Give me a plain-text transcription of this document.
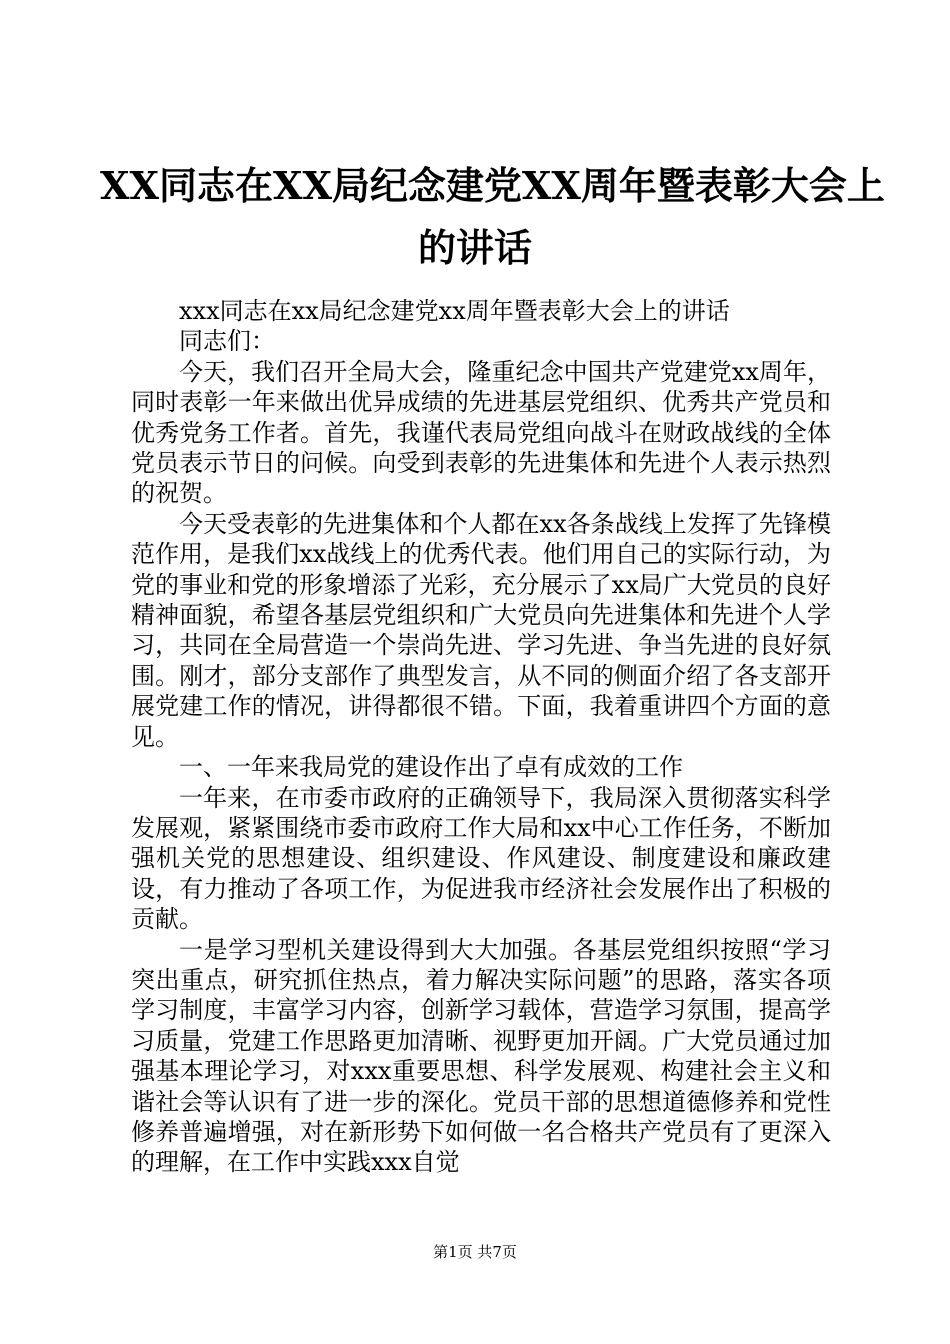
XX同志在XX局纪念建党XX周年暨表彰大会上
的讲话

xxx同志在xx局纪念建党xx周年暨表彰大会上的讲话

同志们：

今天，我们召开全局大会，隆重纪念中国共产党建党xx周年，同时表彰一年来做出优异成绩的先进基层党组织、优秀共产党员和优秀党务工作者。首先，我谨代表局党组向战斗在财政战线的全体党员表示节日的问候。向受到表彰的先进集体和先进个人表示热烈的祝贺。

今天受表彰的先进集体和个人都在xx各条战线上发挥了先锋模范作用，是我们xx战线上的优秀代表。他们用自己的实际行动，为党的事业和党的形象增添了光彩，充分展示了xx局广大党员的良好精神面貌，希望各基层党组织和广大党员向先进集体和先进个人学习，共同在全局营造一个崇尚先进、学习先进、争当先进的良好氛围。刚才，部分支部作了典型发言，从不同的侧面介绍了各支部开展党建工作的情况，讲得都很不错。下面，我着重讲四个方面的意见。

一、一年来我局党的建设作出了卓有成效的工作

一年来，在市委市政府的正确领导下，我局深入贯彻落实科学发展观，紧紧围绕市委市政府工作大局和xx中心工作任务，不断加强机关党的思想建设、组织建设、作风建设、制度建设和廉政建设，有力推动了各项工作，为促进我市经济社会发展作出了积极的贡献。

一是学习型机关建设得到大大加强。各基层党组织按照“学习突出重点，研究抓住热点，着力解决实际问题”的思路，落实各项学习制度，丰富学习内容，创新学习载体，营造学习氛围，提高学习质量，党建工作思路更加清晰、视野更加开阔。广大党员通过加强基本理论学习，对xxx重要思想、科学发展观、构建社会主义和谐社会等认识有了进一步的深化。党员干部的思想道德修养和党性修养普遍增强，对在新形势下如何做一名合格共产党员有了更深入的理解，在工作中实践xxx自觉

第1页 共7页
